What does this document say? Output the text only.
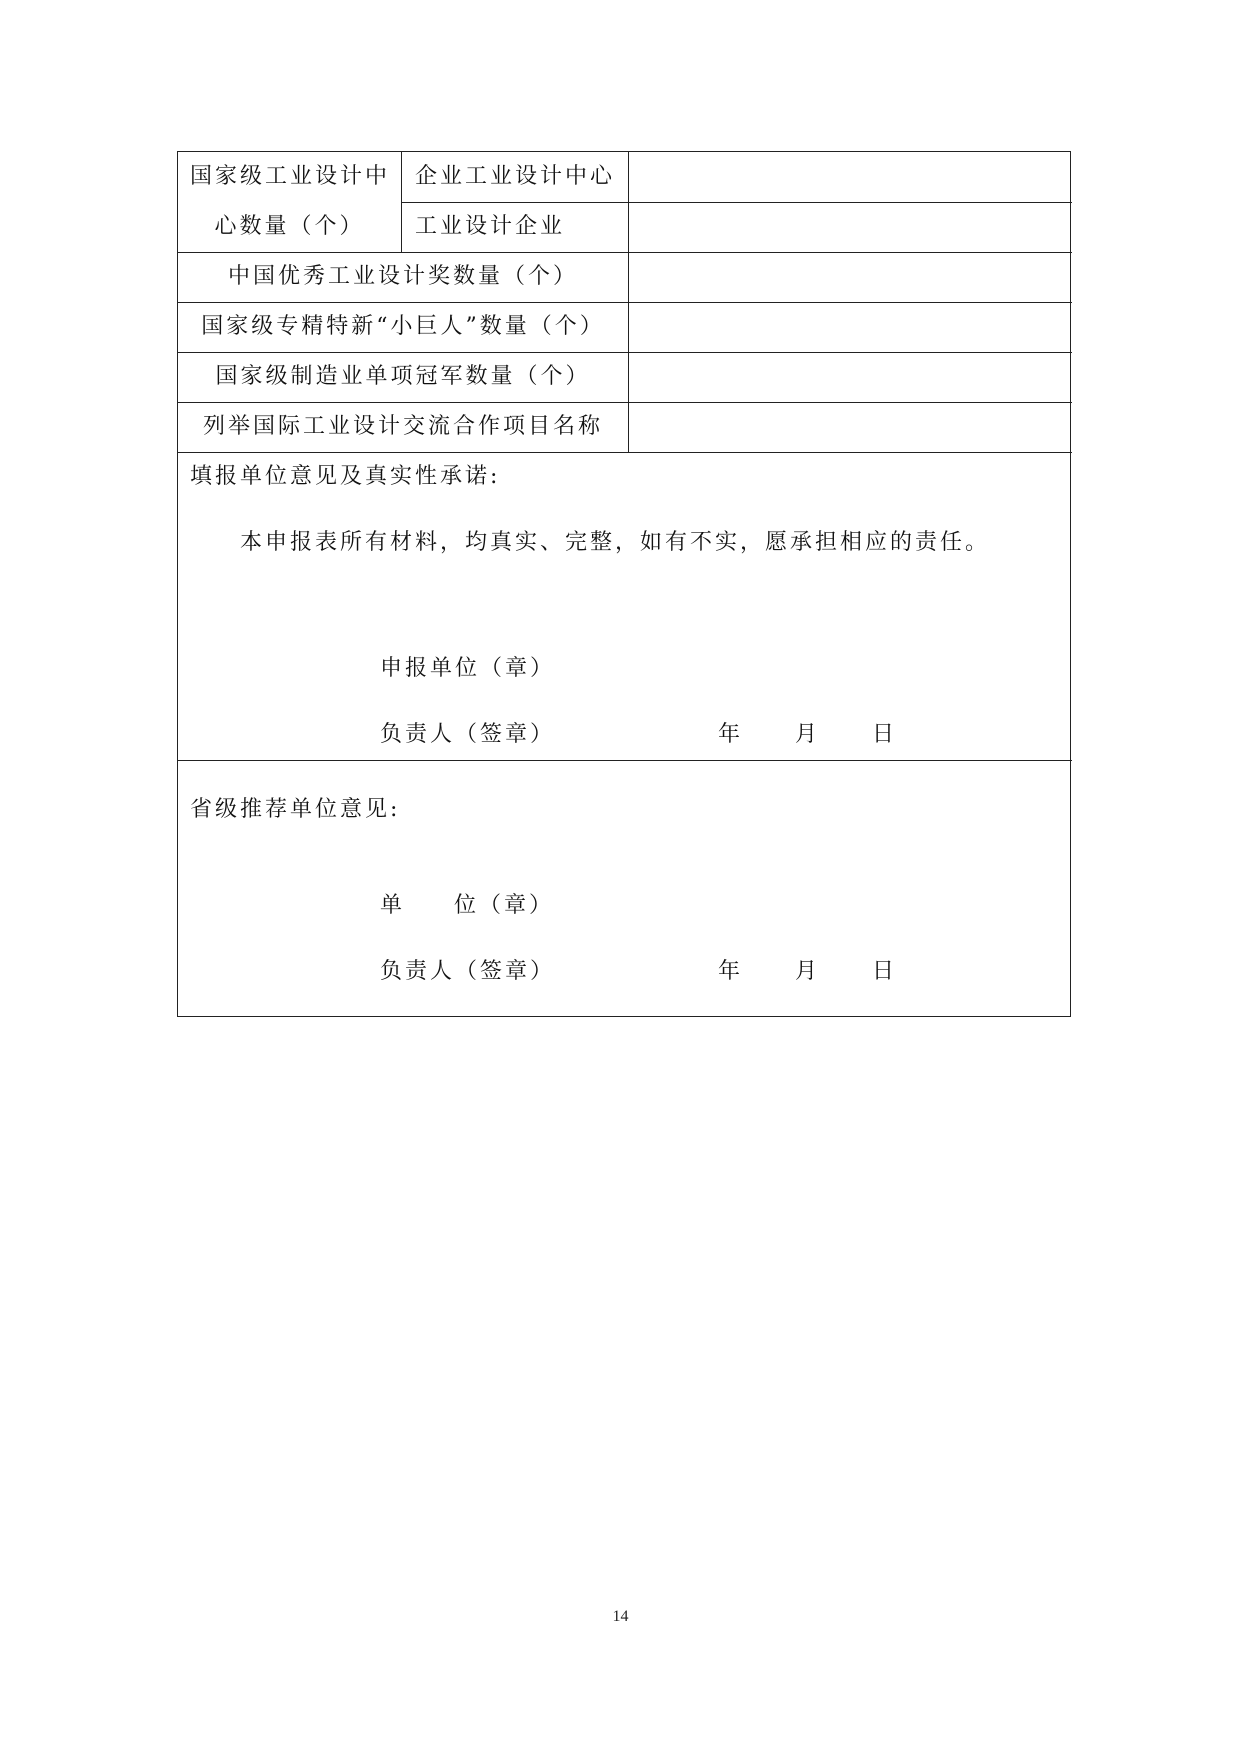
国家级工业设计中
心数量（个）
企业工业设计中心
工业设计企业
中国优秀工业设计奖数量（个）
国家级专精特新“小巨人”数量（个）
国家级制造业单项冠军数量（个）
列举国际工业设计交流合作项目名称
填报单位意见及真实性承诺:
本申报表所有材料，均真实、完整，如有不实，愿承担相应的责任。
申报单位（章）
负责人（签章）	年 月 日
省级推荐单位意见:
单 位（章）
负责人（签章）	年 月 日
14
